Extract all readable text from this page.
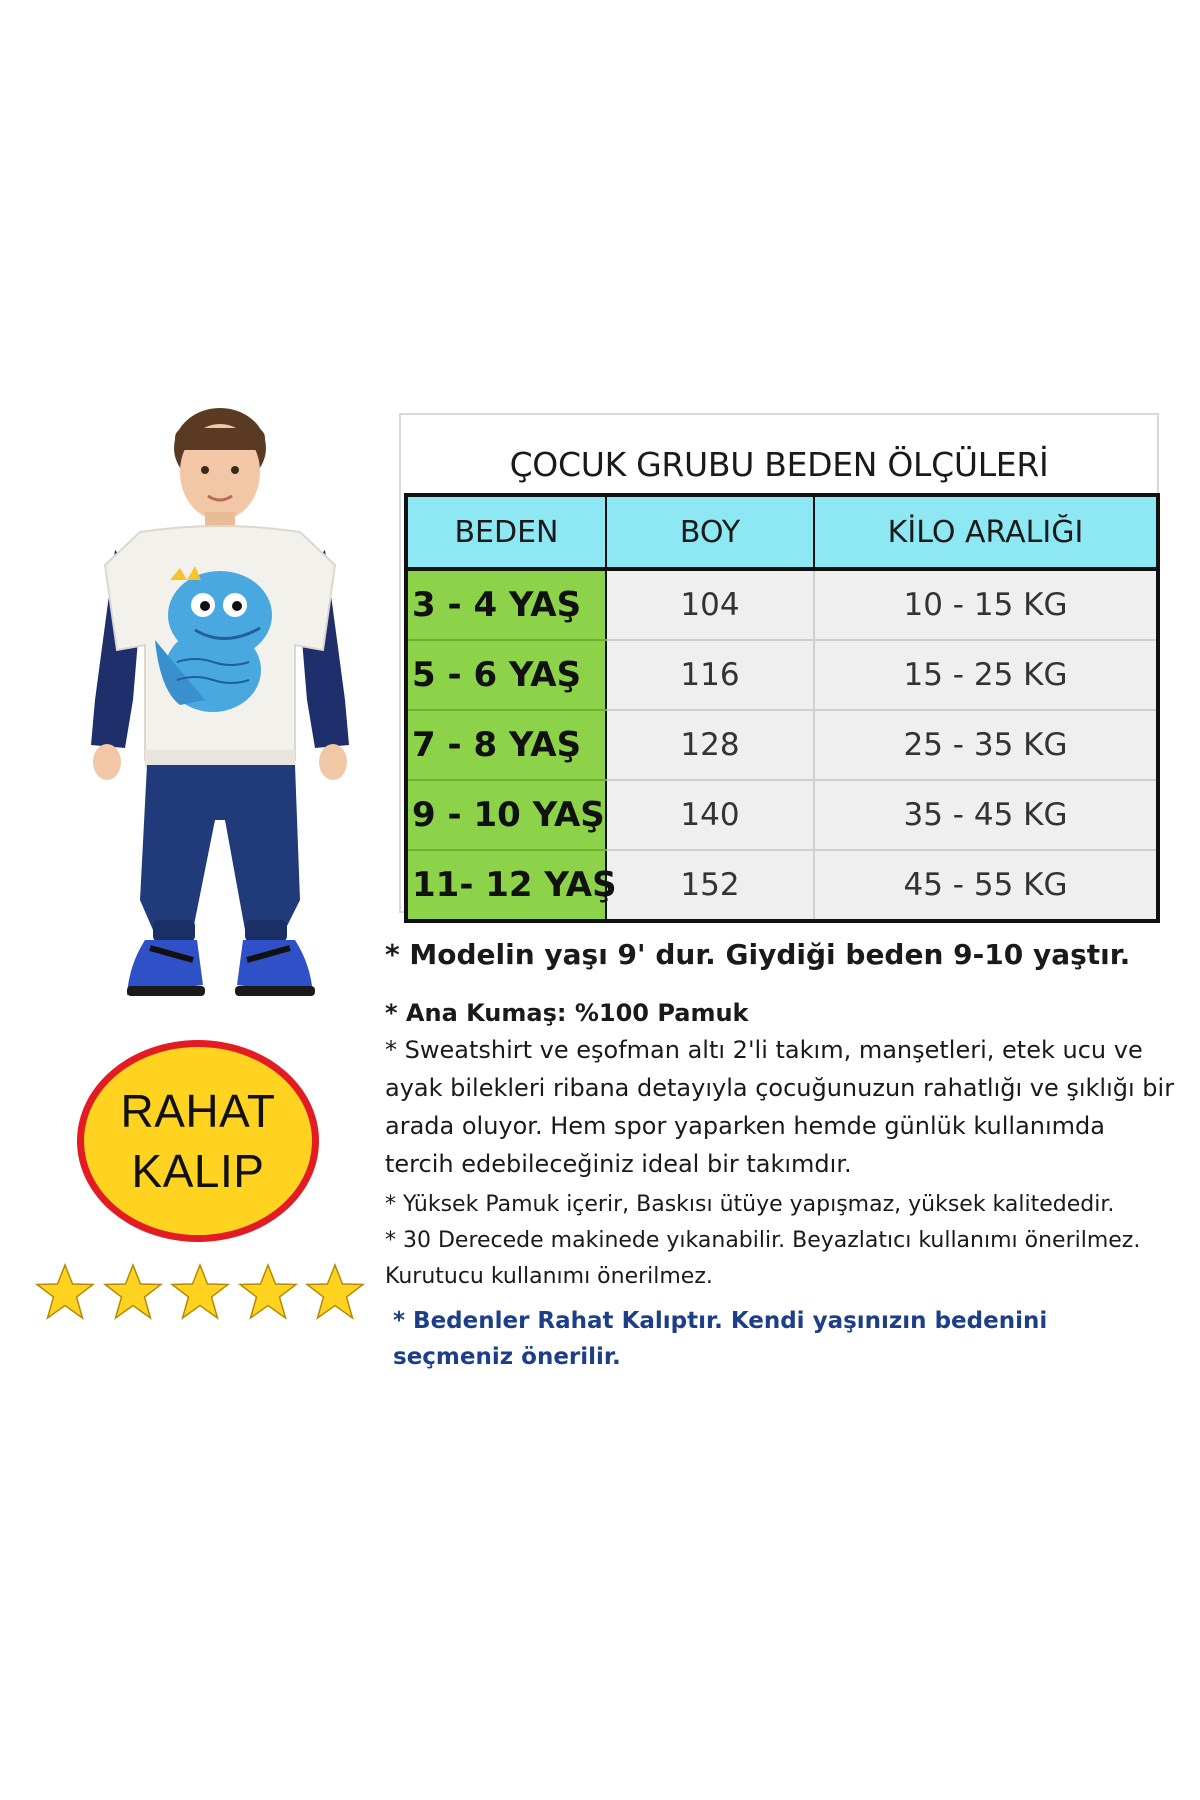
RAHAT
KALIP
ÇOCUK GRUBU BEDEN ÖLÇÜLERİ
BEDEN	BOY	KİLO ARALIĞI
3 - 4 YAŞ	104	10 - 15 KG
5 - 6 YAŞ	116	15 - 25 KG
7 - 8 YAŞ	128	25 - 35 KG
9 - 10 YAŞ	140	35 - 45 KG
11- 12 YAŞ	152	45 - 55 KG

* Modelin yaşı 9' dur. Giydiği beden 9-10 yaştır.

* Ana Kumaş: %100 Pamuk

* Sweatshirt ve eşofman altı 2'li takım, manşetleri, etek ucu ve ayak bilekleri ribana detayıyla çocuğunuzun rahatlığı ve şıklığı bir arada oluyor. Hem spor yaparken hemde günlük kullanımda tercih edebileceğiniz ideal bir takımdır.

* Yüksek Pamuk içerir, Baskısı ütüye yapışmaz, yüksek kalitededir.

* 30 Derecede makinede yıkanabilir. Beyazlatıcı kullanımı önerilmez. Kurutucu kullanımı önerilmez.

* Bedenler Rahat Kalıptır. Kendi yaşınızın bedenini seçmeniz önerilir.
